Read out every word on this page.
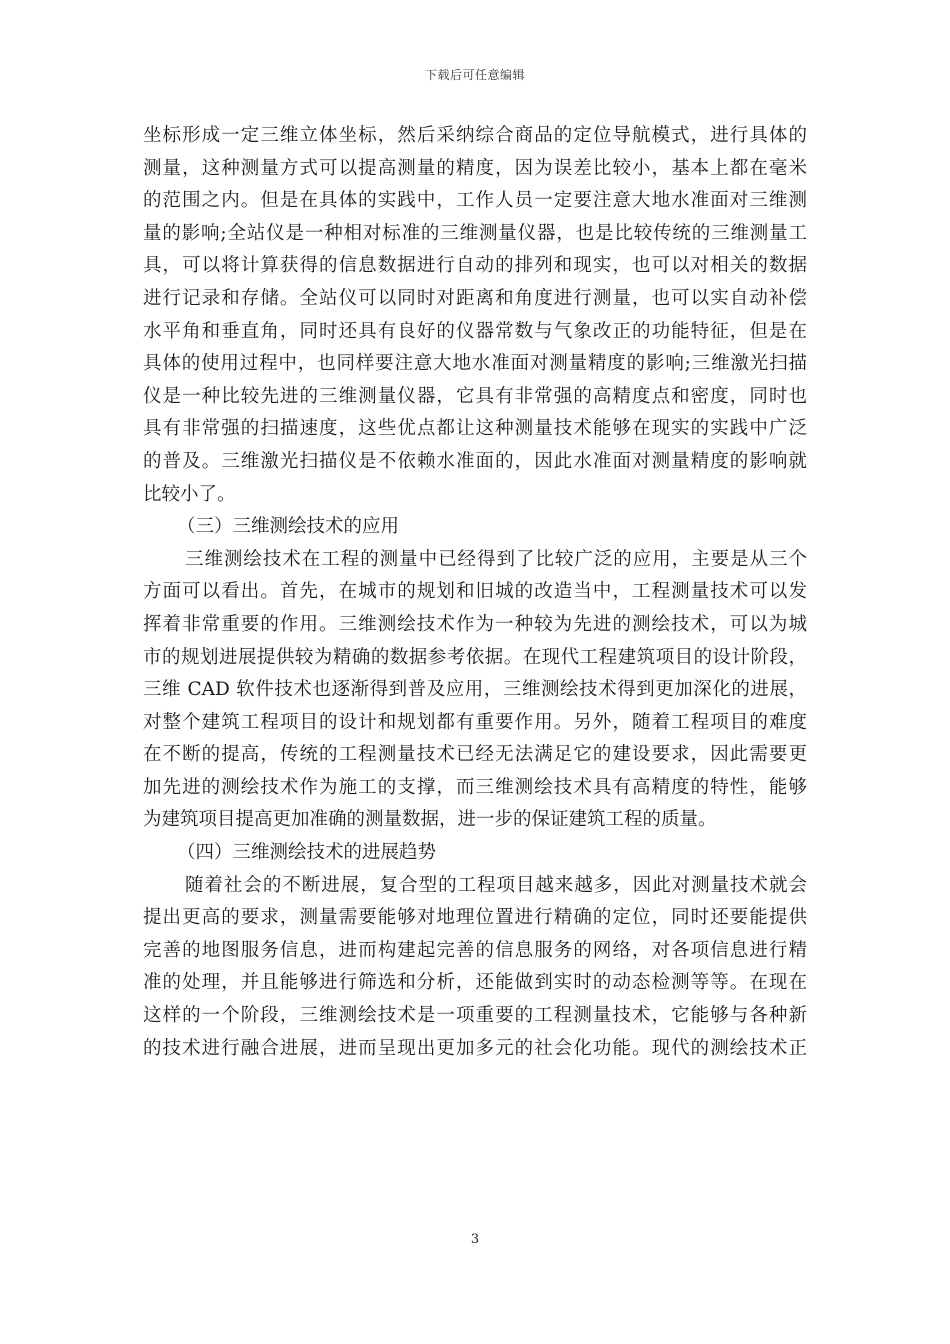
下载后可任意编辑
坐标形成一定三维立体坐标，然后采纳综合商品的定位导航模式，进行具体的
测量，这种测量方式可以提高测量的精度，因为误差比较小，基本上都在毫米
的范围之内。但是在具体的实践中，工作人员一定要注意大地水准面对三维测
量的影响;全站仪是一种相对标准的三维测量仪器，也是比较传统的三维测量工
具，可以将计算获得的信息数据进行自动的排列和现实，也可以对相关的数据
进行记录和存储。全站仪可以同时对距离和角度进行测量，也可以实自动补偿
水平角和垂直角，同时还具有良好的仪器常数与气象改正的功能特征，但是在
具体的使用过程中，也同样要注意大地水准面对测量精度的影响;三维激光扫描
仪是一种比较先进的三维测量仪器，它具有非常强的高精度点和密度，同时也
具有非常强的扫描速度，这些优点都让这种测量技术能够在现实的实践中广泛
的普及。三维激光扫描仪是不依赖水准面的，因此水准面对测量精度的影响就
比较小了。
（三）三维测绘技术的应用
三维测绘技术在工程的测量中已经得到了比较广泛的应用，主要是从三个
方面可以看出。首先，在城市的规划和旧城的改造当中，工程测量技术可以发
挥着非常重要的作用。三维测绘技术作为一种较为先进的测绘技术，可以为城
市的规划进展提供较为精确的数据参考依据。在现代工程建筑项目的设计阶段，
三维 CAD 软件技术也逐渐得到普及应用，三维测绘技术得到更加深化的进展，
对整个建筑工程项目的设计和规划都有重要作用。另外，随着工程项目的难度
在不断的提高，传统的工程测量技术已经无法满足它的建设要求，因此需要更
加先进的测绘技术作为施工的支撑，而三维测绘技术具有高精度的特性，能够
为建筑项目提高更加准确的测量数据，进一步的保证建筑工程的质量。
（四）三维测绘技术的进展趋势
随着社会的不断进展，复合型的工程项目越来越多，因此对测量技术就会
提出更高的要求，测量需要能够对地理位置进行精确的定位，同时还要能提供
完善的地图服务信息，进而构建起完善的信息服务的网络，对各项信息进行精
准的处理，并且能够进行筛选和分析，还能做到实时的动态检测等等。在现在
这样的一个阶段，三维测绘技术是一项重要的工程测量技术，它能够与各种新
的技术进行融合进展，进而呈现出更加多元的社会化功能。现代的测绘技术正
3
